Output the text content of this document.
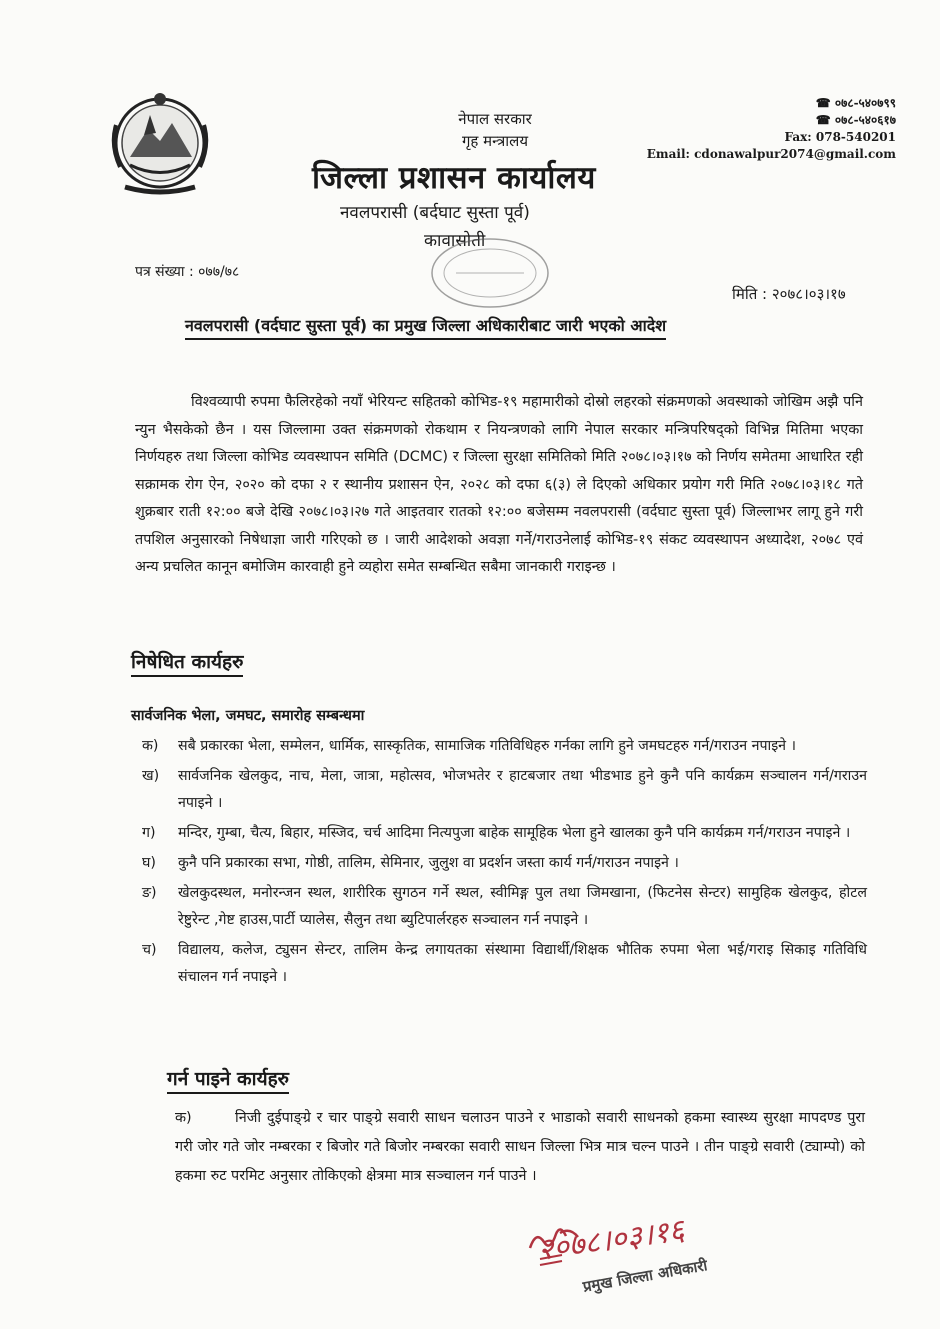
☎ ०७८-५४०७९९
☎ ०७८-५४०६१७
Fax: 078-540201
Email: cdonawalpur2074@gmail.com
नेपाल सरकार
गृह मन्त्रालय
जिल्ला प्रशासन कार्यालय
नवलपरासी (बर्दघाट सुस्ता पूर्व)
कावासोती
पत्र संख्या : ०७७/७८
मिति : २०७८।०३।१७
नवलपरासी (वर्दघाट सुस्ता पूर्व) का प्रमुख जिल्ला अधिकारीबाट जारी भएको आदेश

विश्वव्यापी रुपमा फैलिरहेको नयाँ भेरियन्ट सहितको कोभिड-१९ महामारीको दोस्रो लहरको संक्रमणको अवस्थाको जोखिम अझै पनि न्युन भैसकेको छैन । यस जिल्लामा उक्त संक्रमणको रोकथाम र नियन्त्रणको लागि नेपाल सरकार मन्त्रिपरिषद्को विभिन्न मितिमा भएका निर्णयहरु तथा जिल्ला कोभिड व्यवस्थापन समिति (DCMC) र जिल्ला सुरक्षा समितिको मिति २०७८।०३।१७ को निर्णय समेतमा आधारित रही सक्रामक रोग ऐन, २०२० को दफा २ र स्थानीय प्रशासन ऐन, २०२८ को दफा ६(३) ले दिएको अधिकार प्रयोग गरी मिति २०७८।०३।१८ गते शुक्रबार राती १२:०० बजे देखि २०७८।०३।२७ गते आइतवार रातको १२:०० बजेसम्म नवलपरासी (वर्दघाट सुस्ता पूर्व) जिल्लाभर लागू हुने गरी तपशिल अनुसारको निषेधाज्ञा जारी गरिएको छ । जारी आदेशको अवज्ञा गर्ने/गराउनेलाई कोभिड-१९ संकट व्यवस्थापन अध्यादेश, २०७८ एवं अन्य प्रचलित कानून बमोजिम कारवाही हुने व्यहोरा समेत सम्बन्धित सबैमा जानकारी गराइन्छ ।

निषेधित कार्यहरु
सार्वजनिक भेला, जमघट, समारोह सम्बन्धमा
क)	सबै प्रकारका भेला, सम्मेलन, धार्मिक, सास्कृतिक, सामाजिक गतिविधिहरु गर्नका लागि हुने जमघटहरु गर्न/गराउन नपाइने ।
ख)	सार्वजनिक खेलकुद, नाच, मेला, जात्रा, महोत्सव, भोजभतेर र हाटबजार तथा भीडभाड हुने कुनै पनि कार्यक्रम सञ्चालन गर्न/गराउन नपाइने ।
ग)	मन्दिर, गुम्बा, चैत्य, बिहार, मस्जिद, चर्च आदिमा नित्यपुजा बाहेक सामूहिक भेला हुने खालका कुनै पनि कार्यक्रम गर्न/गराउन नपाइने ।
घ)	कुनै पनि प्रकारका सभा, गोष्ठी, तालिम, सेमिनार, जुलुश वा प्रदर्शन जस्ता कार्य गर्न/गराउन नपाइने ।
ङ)	खेलकुदस्थल, मनोरन्जन स्थल, शारीरिक सुगठन गर्ने स्थल, स्वीमिङ्ग पुल तथा जिमखाना, (फिटनेस सेन्टर) सामुहिक खेलकुद, होटल रेष्टुरेन्ट ,गेष्ट हाउस,पार्टी प्यालेस, सैलुन तथा ब्युटिपार्लरहरु सञ्चालन गर्न नपाइने ।
च)	विद्यालय, कलेज, ट्युसन सेन्टर, तालिम केन्द्र लगायतका संस्थामा विद्यार्थी/शिक्षक भौतिक रुपमा भेला भई/गराइ सिकाइ गतिविधि संचालन गर्न नपाइने ।
गर्न पाइने कार्यहरु
क)	निजी दुईपाङ्ग्रे र चार पाङ्ग्रे सवारी साधन चलाउन पाउने र भाडाको सवारी साधनको हकमा स्वास्थ्य सुरक्षा मापदण्ड पुरा गरी जोर गते जोर नम्बरका र बिजोर गते बिजोर नम्बरका सवारी साधन जिल्ला भित्र मात्र चल्न पाउने । तीन पाङ्ग्रे सवारी (ट्याम्पो) को हकमा रुट परमिट अनुसार तोकिएको क्षेत्रमा मात्र सञ्चालन गर्न पाउने ।
२०७८।०३।१६
प्रमुख जिल्ला अधिकारी
